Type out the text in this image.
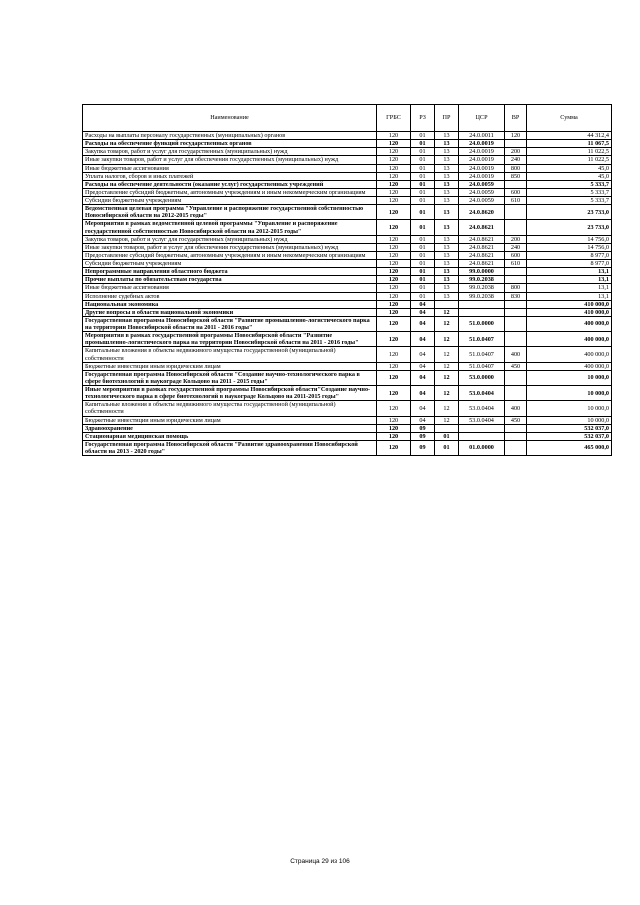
Наименование	ГРБС	РЗ	ПР	ЦСР	ВР	Сумма
Расходы на выплаты персоналу государственных (муниципальных) органов	120	01	13	24.0.0011	120	44 312,4
Расходы на обеспечение функций государственных органов	120	01	13	24.0.0019		11 067,5
Закупка товаров, работ и услуг для государственных (муниципальных) нужд	120	01	13	24.0.0019	200	11 022,5
Иные закупки товаров, работ и услуг для обеспечения государственных (муниципальных) нужд	120	01	13	24.0.0019	240	11 022,5
Иные бюджетные ассигнования	120	01	13	24.0.0019	800	45,0
Уплата налогов, сборов и иных платежей	120	01	13	24.0.0019	850	45,0
Расходы на обеспечение деятельности (оказание услуг) государственных учреждений	120	01	13	24.0.0059		5 333,7
Предоставление субсидий бюджетным, автономным учреждениям и иным некоммерческим организациям	120	01	13	24.0.0059	600	5 333,7
Субсидии бюджетным учреждениям	120	01	13	24.0.0059	610	5 333,7
Ведомственная целевая программа "Управление и распоряжение государственной собственностью Новосибирской области на 2012-2015 годы"	120	01	13	24.0.8620		23 733,0
Мероприятия в рамках ведомственной целевой программы "Управление и распоряжение государственной собственностью Новосибирской области на 2012-2015 годы"	120	01	13	24.0.8621		23 733,0
Закупка товаров, работ и услуг для государственных (муниципальных) нужд	120	01	13	24.0.8621	200	14 756,0
Иные закупки товаров, работ и услуг для обеспечения государственных (муниципальных) нужд	120	01	13	24.0.8621	240	14 756,0
Предоставление субсидий бюджетным, автономным учреждениям и иным некоммерческим организациям	120	01	13	24.0.8621	600	8 977,0
Субсидии бюджетным учреждениям	120	01	13	24.0.8621	610	8 977,0
Непрограммные направления областного бюджета	120	01	13	99.0.0000		13,1
Прочие выплаты по обязательствам государства	120	01	13	99.0.2038		13,1
Иные бюджетные ассигнования	120	01	13	99.0.2038	800	13,1
Исполнение судебных актов	120	01	13	99.0.2038	830	13,1
Национальная экономика	120	04				410 000,0
Другие вопросы в области национальной экономики	120	04	12			410 000,0
Государственная программа Новосибирской области "Развитие промышленно-логистического парка на территории Новосибирской области на 2011 - 2016 годы"	120	04	12	51.0.0000		400 000,0
Мероприятия в рамках государственной программы Новосибирской области "Развитие промышленно-логистического парка на территории Новосибирской области на 2011 - 2016 годы"	120	04	12	51.0.0407		400 000,0
Капитальные вложения в объекты недвижимого имущества государственной (муниципальной) собственности	120	04	12	51.0.0407	400	400 000,0
Бюджетные инвестиции иным юридическим лицам	120	04	12	51.0.0407	450	400 000,0
Государственная программа Новосибирской области "Создание научно-технологического парка в сфере биотехнологий в наукограде Кольцово на 2011 - 2015 годы"	120	04	12	53.0.0000		10 000,0
Иные мероприятия в рамках государственной программы Новосибирской области"Создание научно-технологического парка в сфере биотехнологий в наукограде Кольцово на 2011-2015 годы"	120	04	12	53.0.0404		10 000,0
Капитальные вложения в объекты недвижимого имущества государственной (муниципальной) собственности	120	04	12	53.0.0404	400	10 000,0
Бюджетные инвестиции иным юридическим лицам	120	04	12	53.0.0404	450	10 000,0
Здравоохранение	120	09				532 037,0
Стационарная медицинская помощь	120	09	01			532 037,0
Государственная программа Новосибирской области "Развитие здравоохранения Новосибирской области на 2013 - 2020 годы"	120	09	01	01.0.0000		465 000,0
Страница 29 из 106
